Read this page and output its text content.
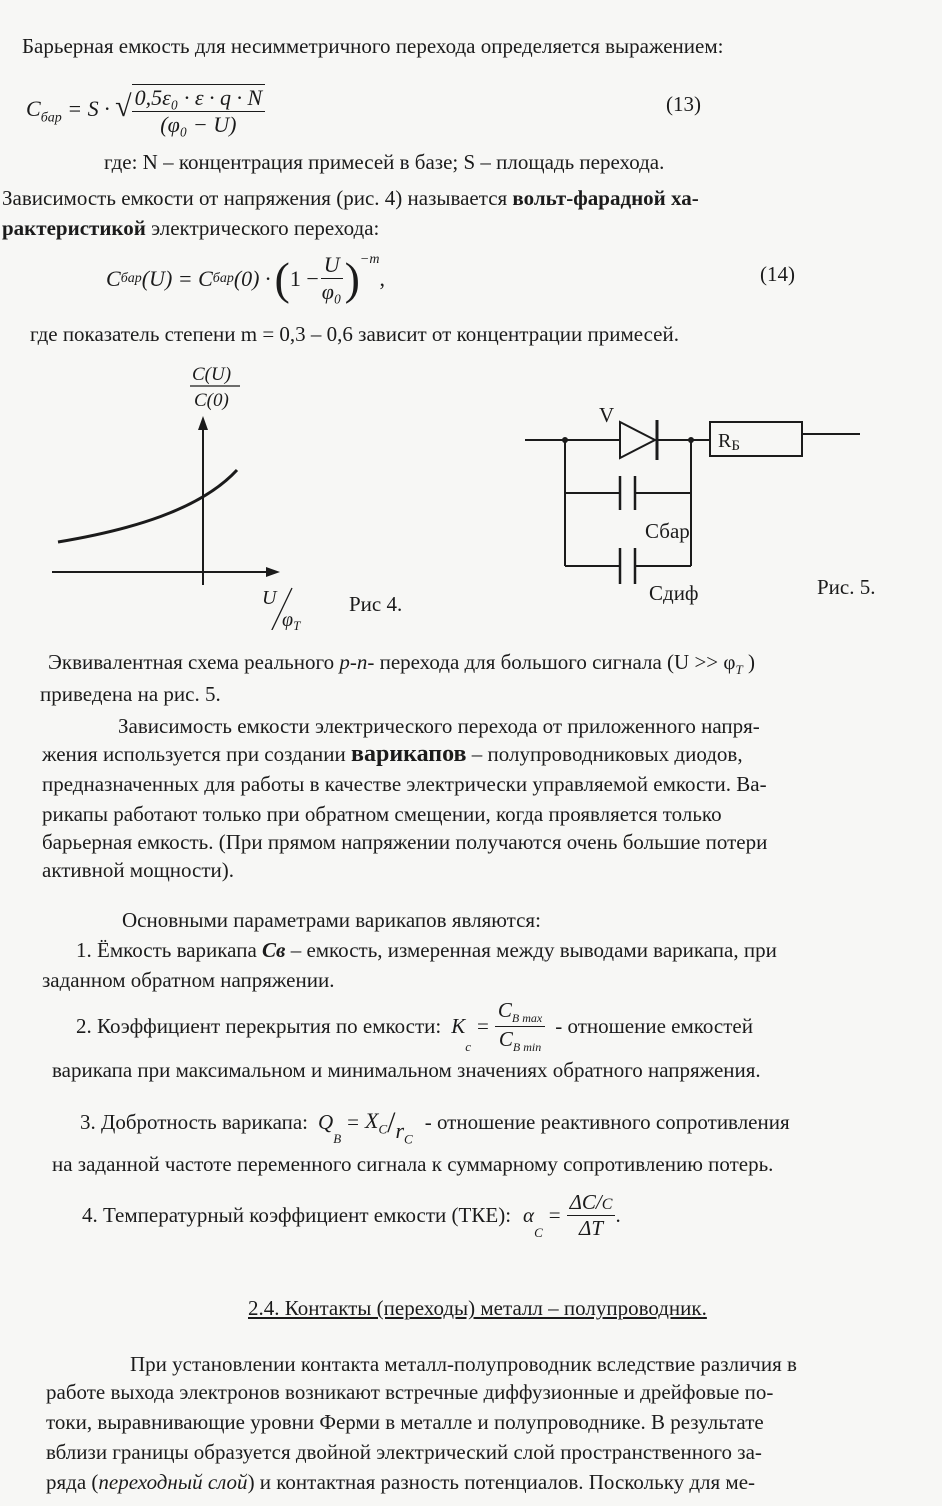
Барьерная емкость для несимметричного перехода определяется выражением:
$C_{бар} = S$ · √ $\frac{\text{0,5ε₀ · ε · q · N}}{\text{(φ₀ − U)}}$	(13)
где: N – концентрация примесей в базе; S – площадь перехода.
Зависимость емкости от напряжения (рис. 4) называется вольт-фарадной ха-
рактеристикой электрического перехода:
C бар (U) = C бар (0) · ( $1 - \frac{U}{\text{φ₀}} )^{-m}$
,	(14)
где показатель степени m = 0,3 – 0,6 зависит от концентрации примесей.
C(U)
C(0)
U
$\varphi_T$
Рис 4.
V
RБ
Сбар
Сдиф	Рис. 5.
Эквивалентная схема реального p-n- перехода для большого сигнала ($U >> \varphi_T$ )
приведена на рис. 5.
Зависимость емкости электрического перехода от приложенного напря-
жения используется при создании варикапов – полупроводниковых диодов,
предназначенных для работы в качестве электрически управляемой емкости. Ва-
рикапы работают только при обратном смещении, когда проявляется только
барьерная емкость. (При прямом напряжении получаются очень большие потери
активной мощности).
Основными параметрами варикапов являются:
1. Ёмкость варикапа Св – емкость, измеренная между выводами варикапа, при
заданном обратном напряжении.
2. Коэффициент перекрытия по емкости: K
c
= $\frac{C_{B max}}{C_{B min}}$ - отношение емкостей
варикапа при максимальном и минимальном значениях обратного напряжения.
3. Добротность варикапа: Q
$_B$
= $X_C / r_C$
- отношение реактивного сопротивления
на заданной частоте переменного сигнала к суммарному сопротивлению потерь.
4. Температурный коэффициент емкости (ТКЕ): α
$_C$
= $\frac{\Delta C/C}{\Delta T}$ .
2.4. Контакты (переходы) металл – полупроводник.
При установлении контакта металл-полупроводник вследствие различия в
работе выхода электронов возникают встречные диффузионные и дрейфовые по-
токи, выравнивающие уровни Ферми в металле и полупроводнике. В результате
вблизи границы образуется двойной электрический слой пространственного за-
ряда (переходный слой) и контактная разность потенциалов. Поскольку для ме-
